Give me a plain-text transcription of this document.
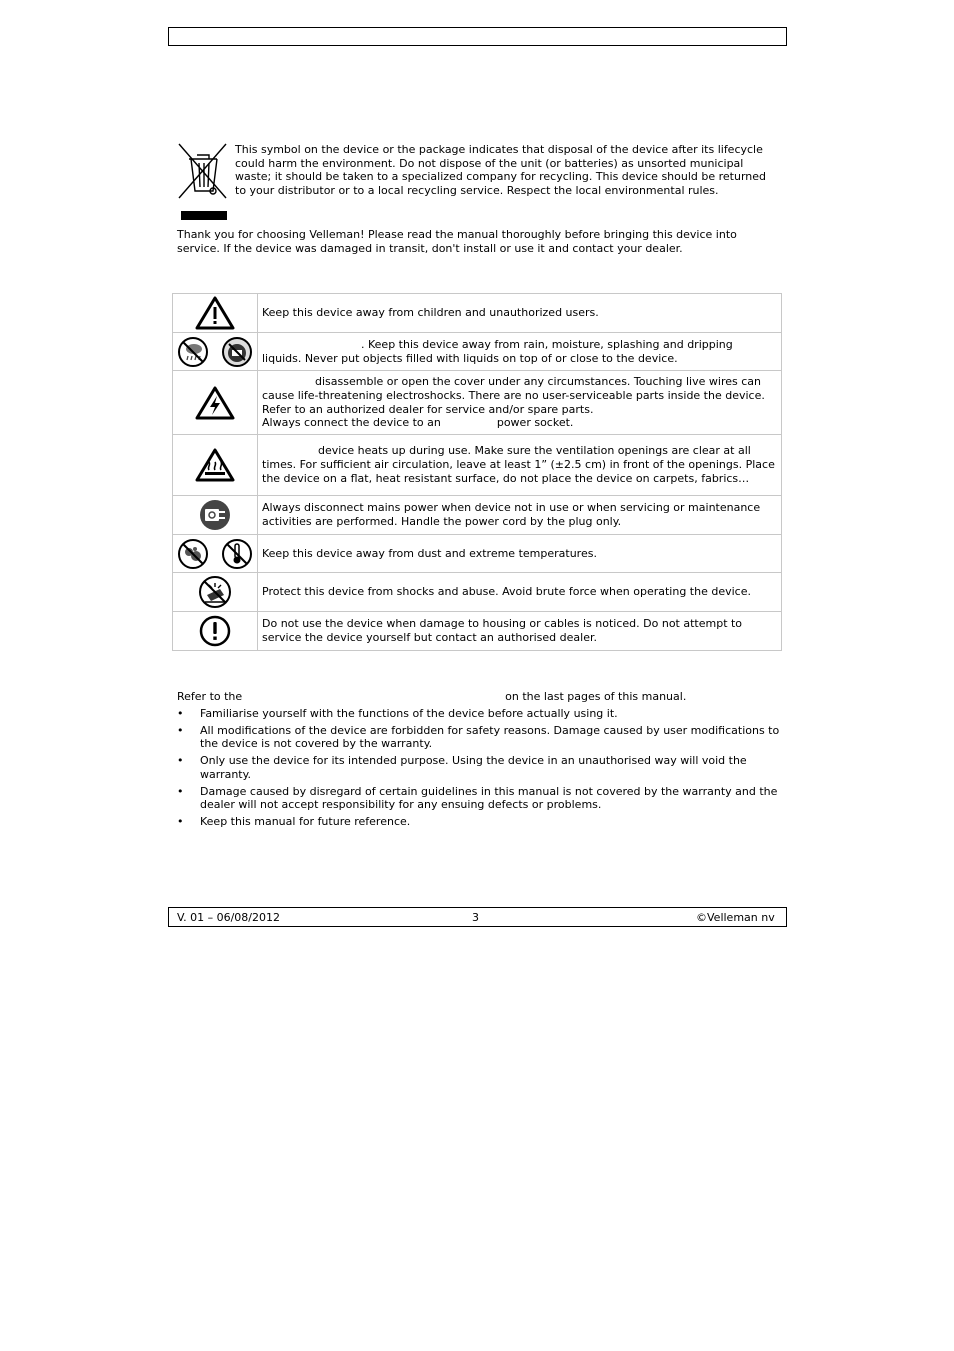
This symbol on the device or the package indicates that disposal of the device after its lifecycle could harm the environment. Do not dispose of the unit (or batteries) as unsorted municipal waste; it should be taken to a specialized company for recycling. This device should be returned to your distributor or to a local recycling service. Respect the local environmental rules.
Thank you for choosing Velleman! Please read the manual thoroughly before bringing this device into service. If the device was damaged in transit, don't install or use it and contact your dealer.
	Keep this device away from children and unauthorized users.

	. Keep this device away from rain, moisture, splashing and dripping liquids. Never put objects filled with liquids on top of or close to the device.

	disassemble or open the cover under any circumstances. Touching live wires can cause life-threatening electroshocks. There are no user-serviceable parts inside the device. Refer to an authorized dealer for service and/or spare parts.
Always connect the device to an power socket.

	device heats up during use. Make sure the ventilation openings are clear at all times. For sufficient air circulation, leave at least 1” (±2.5 cm) in front of the openings. Place the device on a flat, heat resistant surface, do not place the device on carpets, fabrics…

	Always disconnect mains power when device not in use or when servicing or maintenance activities are performed. Handle the power cord by the plug only.

	Keep this device away from dust and extreme temperatures.

	Protect this device from shocks and abuse. Avoid brute force when operating the device.

	Do not use the device when damage to housing or cables is noticed. Do not attempt to service the device yourself but contact an authorised dealer.
Refer to the	on the last pages of this manual.
• Familiarise yourself with the functions of the device before actually using it.
• All modifications of the device are forbidden for safety reasons. Damage caused by user modifications to the device is not covered by the warranty.
• Only use the device for its intended purpose. Using the device in an unauthorised way will void the warranty.
• Damage caused by disregard of certain guidelines in this manual is not covered by the warranty and the dealer will not accept responsibility for any ensuing defects or problems.
• Keep this manual for future reference.
V. 01 – 06/08/2012	3	©Velleman nv
